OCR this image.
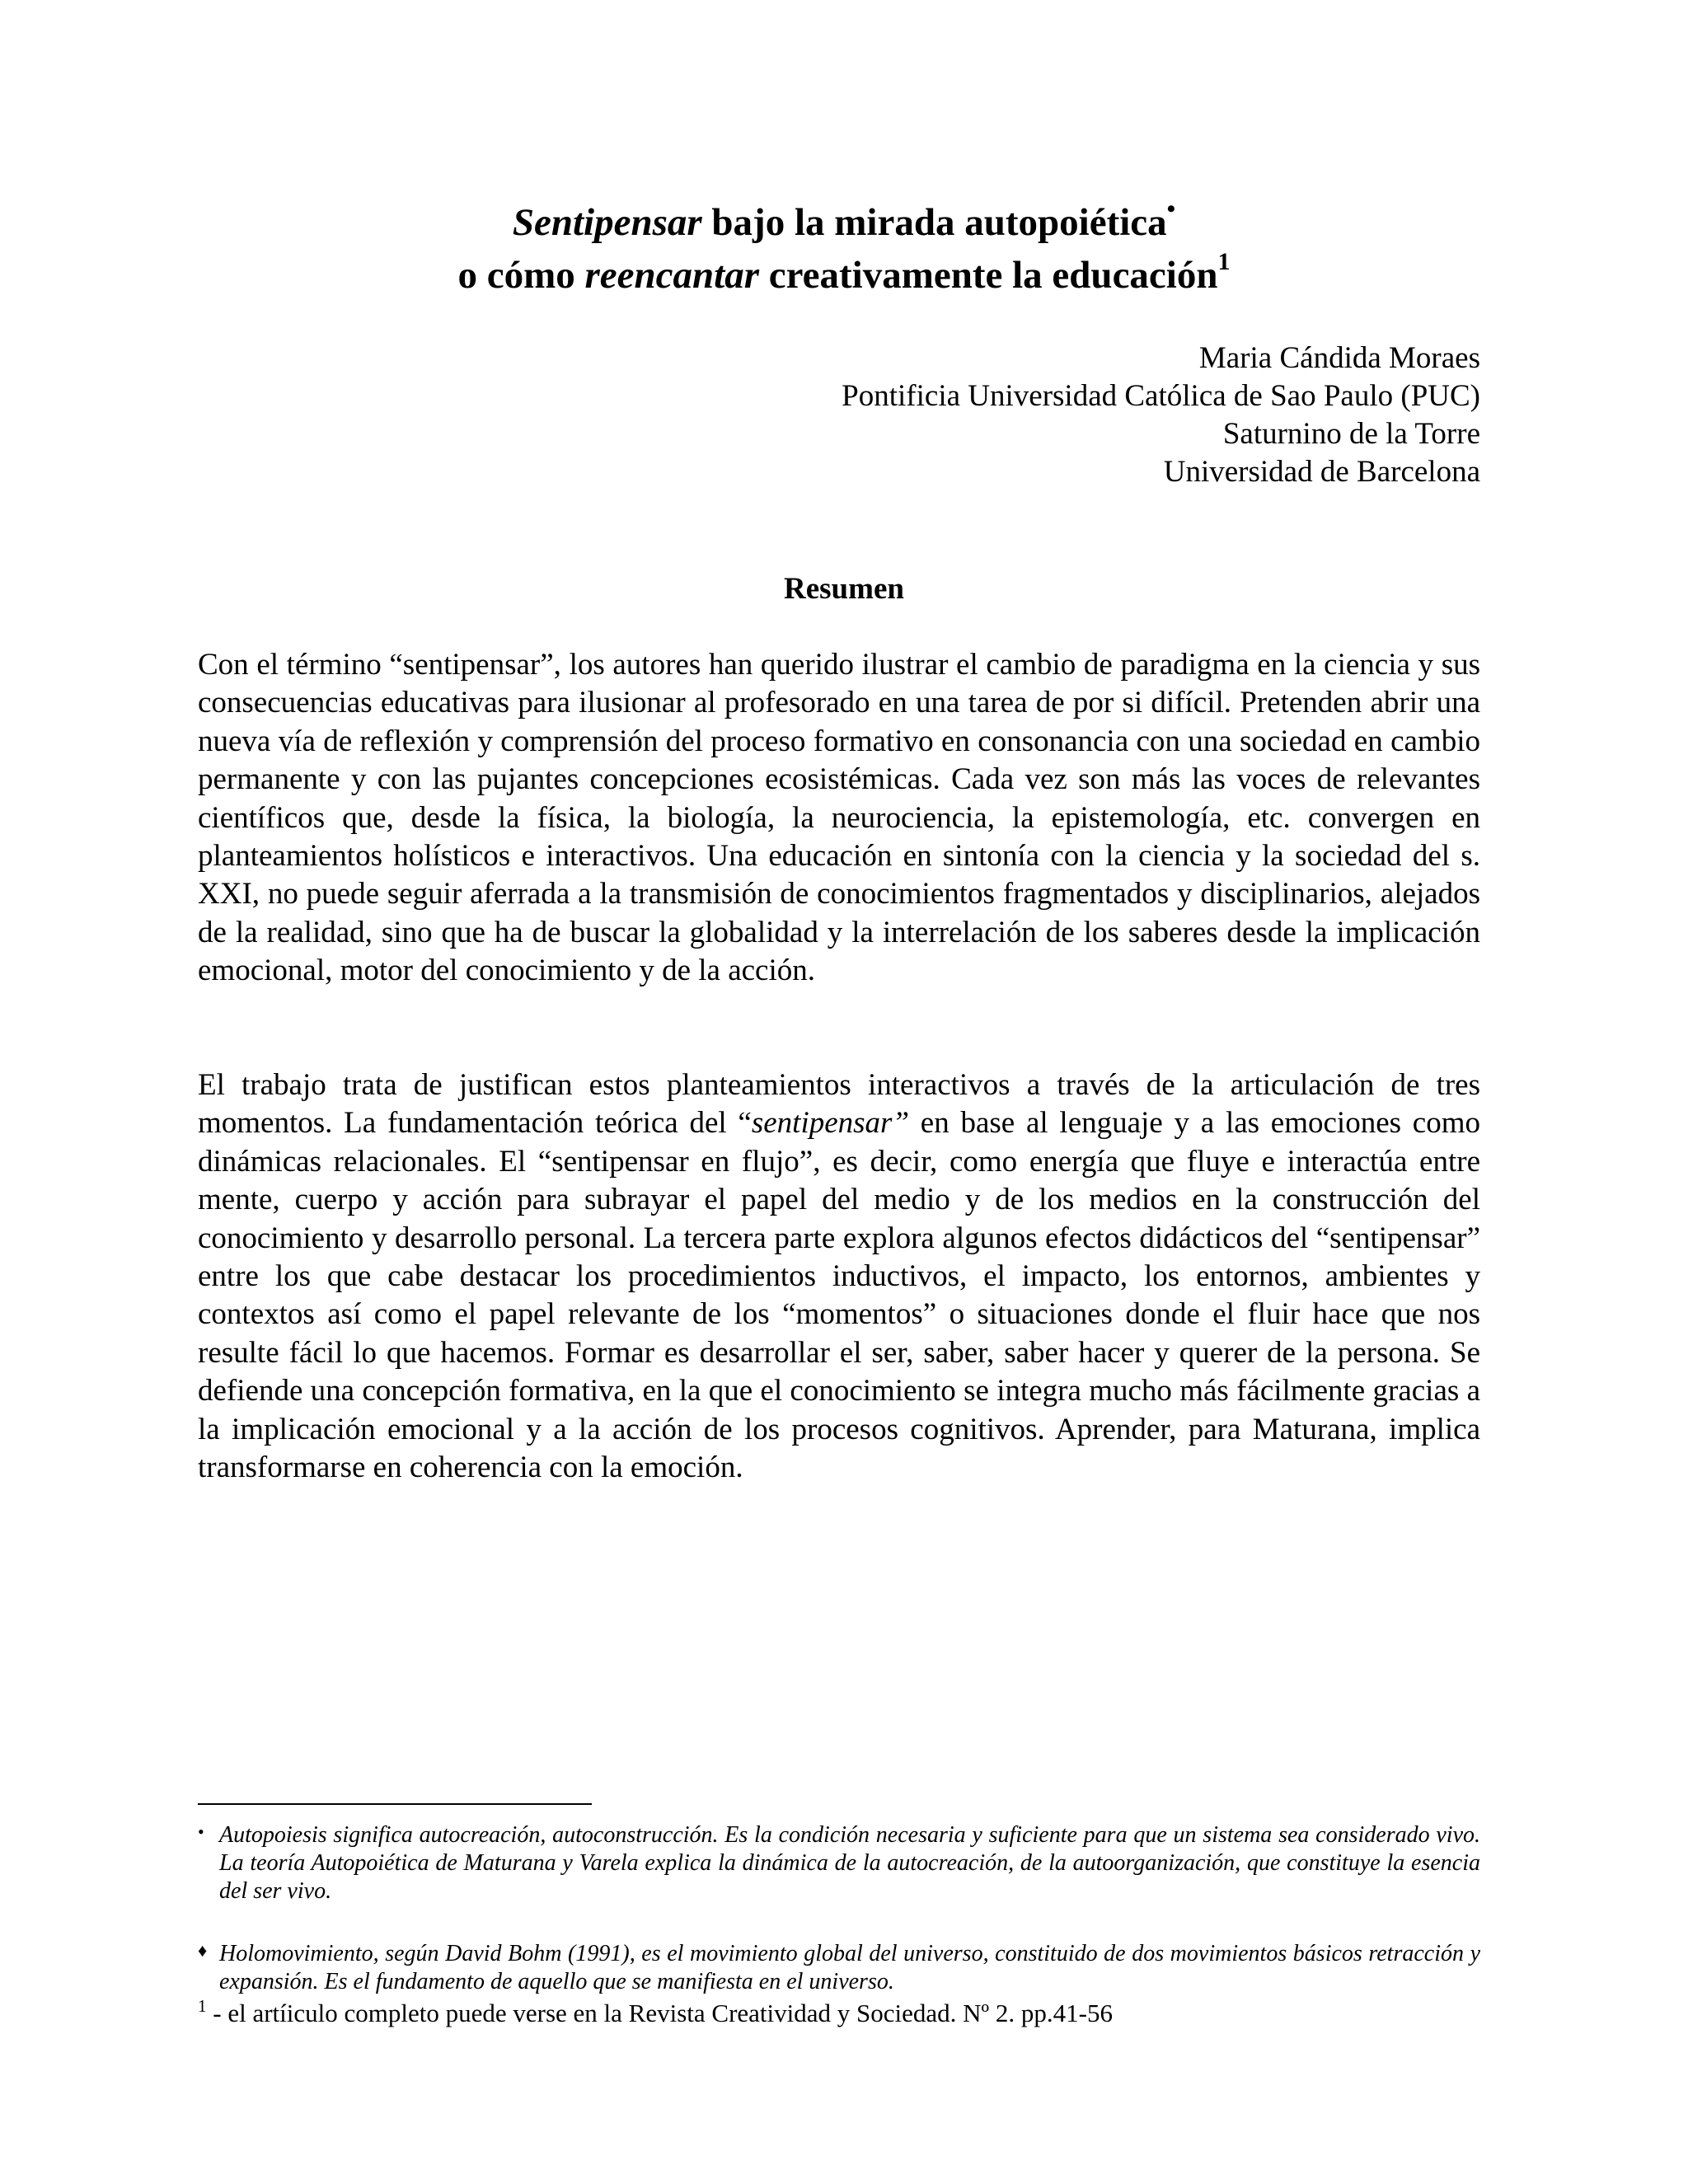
Sentipensar bajo la mirada autopoiética•
o cómo reencantar creativamente la educación$^1$
Maria Cándida Moraes
Pontificia Universidad Católica de Sao Paulo (PUC)
Saturnino de la Torre
Universidad de Barcelona
Resumen
Con el término “sentipensar”, los autores han querido ilustrar el cambio de paradigma en la ciencia y sus consecuencias educativas para ilusionar al profesorado en una tarea de por si difícil. Pretenden abrir una nueva vía de reflexión y comprensión del proceso formativo en consonancia con una sociedad en cambio permanente y con las pujantes concepciones ecosistémicas. Cada vez son más las voces de relevantes científicos que, desde la física, la biología, la neurociencia, la epistemología, etc. convergen en planteamientos holísticos e interactivos. Una educación en sintonía con la ciencia y la sociedad del s. XXI, no puede seguir aferrada a la transmisión de conocimientos fragmentados y disciplinarios, alejados de la realidad, sino que ha de buscar la globalidad y la interrelación de los saberes desde la implicación emocional, motor del conocimiento y de la acción.
El trabajo trata de justifican estos planteamientos interactivos a través de la articulación de tres momentos. La fundamentación teórica del “sentipensar” en base al lenguaje y a las emociones como dinámicas relacionales. El “sentipensar en flujo”, es decir, como energía que fluye e interactúa entre mente, cuerpo y acción para subrayar el papel del medio y de los medios en la construcción del conocimiento y desarrollo personal. La tercera parte explora algunos efectos didácticos del “sentipensar” entre los que cabe destacar los procedimientos inductivos, el impacto, los entornos, ambientes y contextos así como el papel relevante de los “momentos” o situaciones donde el fluir hace que nos resulte fácil lo que hacemos. Formar es desarrollar el ser, saber, saber hacer y querer de la persona. Se defiende una concepción formativa, en la que el conocimiento se integra mucho más fácilmente gracias a la implicación emocional y a la acción de los procesos cognitivos. Aprender, para Maturana, implica transformarse en coherencia con la emoción.
• Autopoiesis significa autocreación, autoconstrucción. Es la condición necesaria y suficiente para que un sistema sea considerado vivo. La teoría Autopoiética de Maturana y Varela explica la dinámica de la autocreación, de la autoorganización, que constituye la esencia del ser vivo.
♦ Holomovimiento, según David Bohm (1991), es el movimiento global del universo, constituido de dos movimientos básicos retracción y expansión. Es el fundamento de aquello que se manifiesta en el universo.
$^1$ - el artíiculo completo puede verse en la Revista Creatividad y Sociedad. Nº 2. pp.41-56
